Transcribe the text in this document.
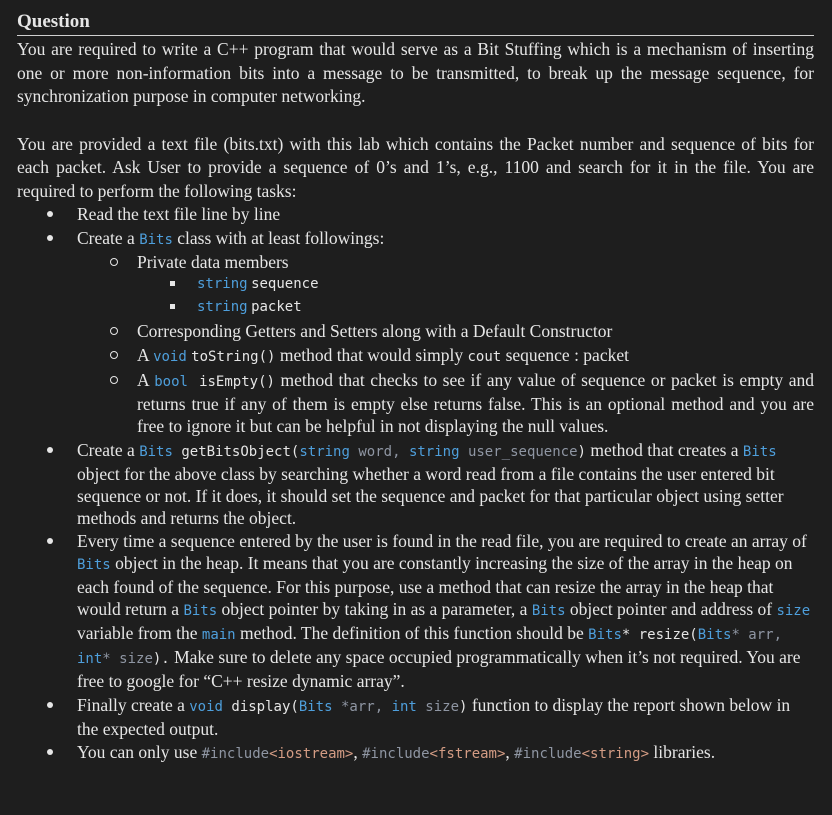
Question

You are required to write a C++ program that would serve as a Bit Stuffing which is a mechanism of inserting one or more non-information bits into a message to be transmitted, to break up the message sequence, for synchronization purpose in computer networking.

You are provided a text file (bits.txt) with this lab which contains the Packet number and sequence of bits for each packet. Ask User to provide a sequence of 0’s and 1’s, e.g., 1100 and search for it in the file. You are required to perform the following tasks:

Read the text file line by line
Create a Bits class with at least followings:
Private data members
string sequence
string packet
Corresponding Getters and Setters along with a Default Constructor
A void toString() method that would simply cout sequence : packet
A bool isEmpty() method that checks to see if any value of sequence or packet is empty and returns true if any of them is empty else returns false. This is an optional method and you are free to ignore it but can be helpful in not displaying the null values.
Create a Bits getBitsObject(string word, string user_sequence) method that creates a Bits object for the above class by searching whether a word read from a file contains the user entered bit sequence or not. If it does, it should set the sequence and packet for that particular object using setter methods and returns the object.
Every time a sequence entered by the user is found in the read file, you are required to create an array of Bits object in the heap. It means that you are constantly increasing the size of the array in the heap on each found of the sequence. For this purpose, use a method that can resize the array in the heap that would return a Bits object pointer by taking in as a parameter, a Bits object pointer and address of size variable from the main method. The definition of this function should be Bits* resize(Bits* arr, int* size). Make sure to delete any space occupied programmatically when it’s not required. You are free to google for “C++ resize dynamic array”.
Finally create a void display(Bits *arr, int size) function to display the report shown below in the expected output.
You can only use #include<iostream>, #include<fstream>, #include<string> libraries.
